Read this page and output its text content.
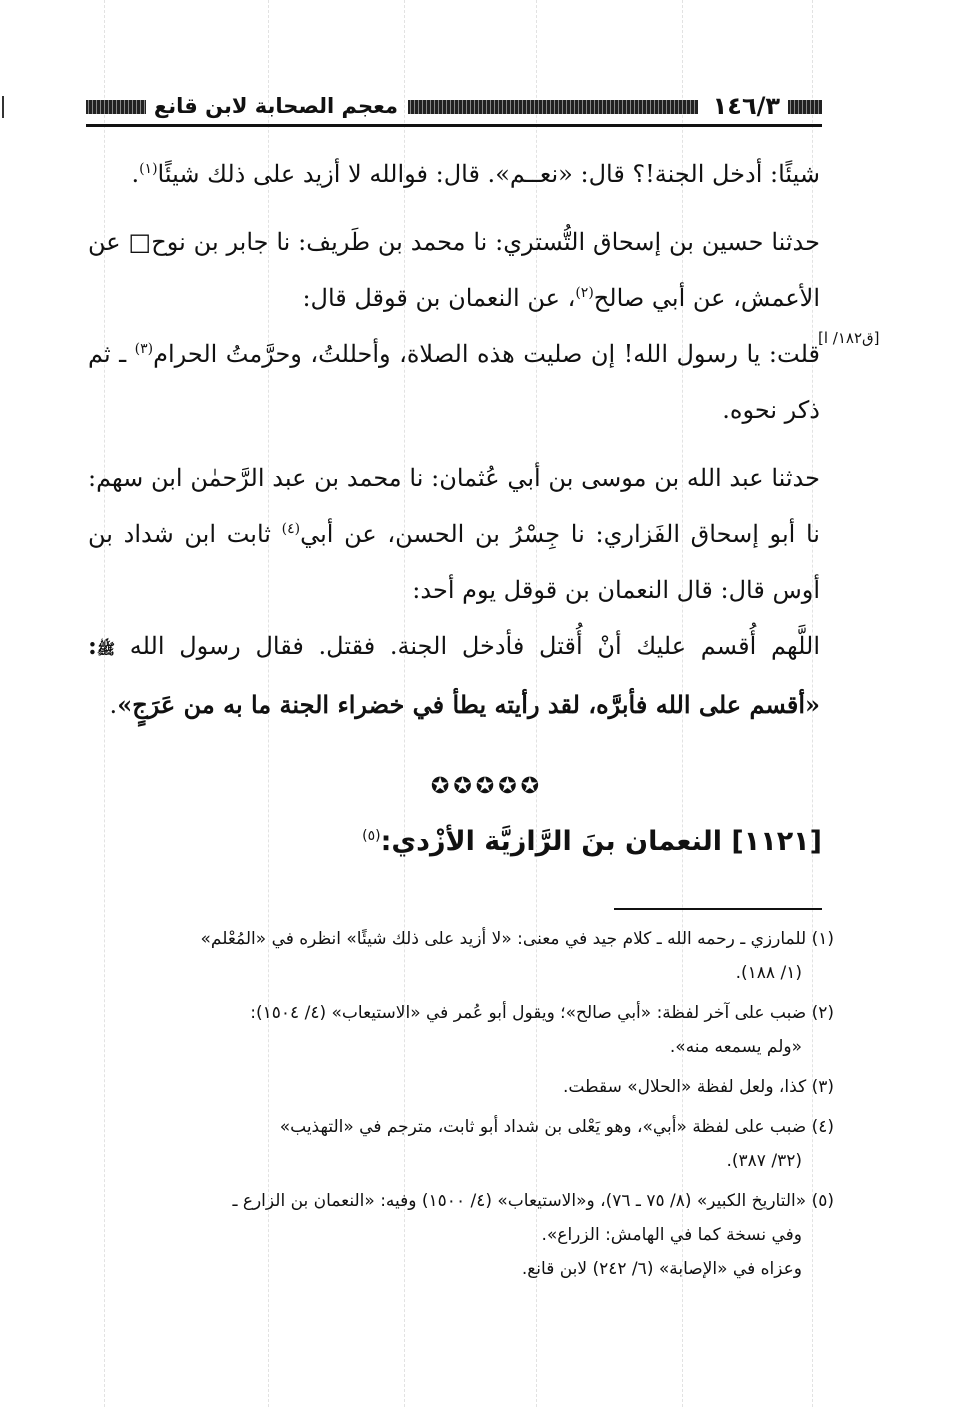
١٤٦/٣
معجم الصحابة لابن قانع
[ق١٨٢/ ا]

شيئًا: أدخل الجنة!؟ قال: «نعــم». قال: فوالله لا أزيد على ذلك شيئًا$^{(١)}$.

حدثنا حسين بن إسحاق التُّستري: نا محمد بن طَريف: نا جابر بن نوح□ عن الأعمش، عن أبي صالح$^{(٢)}$، عن النعمان بن قوقل قال:

قلت: يا رسول الله! إن صليت هذه الصلاة، وأحللتُ، وحرَّمتُ الحرام$^{(٣)}$ ـ ثم ذكر نحوه.

حدثنا عبد الله بن موسى بن أبي عُثمان: نا محمد بن عبد الرَّحمٰن ابن سهم: نا أبو إسحاق الفَزاري: نا جِسْرُ بن الحسن، عن أبي$^{(٤)}$ ثابت ابن شداد بن أوس قال: قال النعمان بن قوقل يوم أحد:

اللَّهم أُقسم عليك أنْ أُقتل فأدخل الجنة. فقتل. فقال رسول الله ﷺ: «أقسم على الله فأبرَّه، لقد رأيته يطأ في خضراء الجنة ما به من عَرَجٍ».

✪✪✪✪✪
[١١٢١] النعمان بنَ الرَّازيَّة الأزْدي:$^{(٥)}$

(١) للمارزي ـ رحمه الله ـ كلام جيد في معنى: «لا أزيد على ذلك شيئًا» انظره في «المُعْلم»
(١/ ١٨٨).

(٢) ضبب على آخر لفظة: «أبي صالح»؛ ويقول أبو عُمر في «الاستيعاب» (٤/ ١٥٠٤):
«ولم يسمعه منه».

(٣) كذا، ولعل لفظة «الحلال» سقطت.

(٤) ضبب على لفظة «أبي»، وهو يَعْلى بن شداد أبو ثابت، مترجم في «التهذيب»
(٣٢/ ٣٨٧).

(٥) «التاريخ الكبير» (٨/ ٧٥ ـ ٧٦)، و«الاستيعاب» (٤/ ١٥٠٠) وفيه: «النعمان بن الزارع ـ
وفي نسخة كما في الهامش: الزراع».
وعزاه في «الإصابة» (٦/ ٢٤٢) لابن قانع.
